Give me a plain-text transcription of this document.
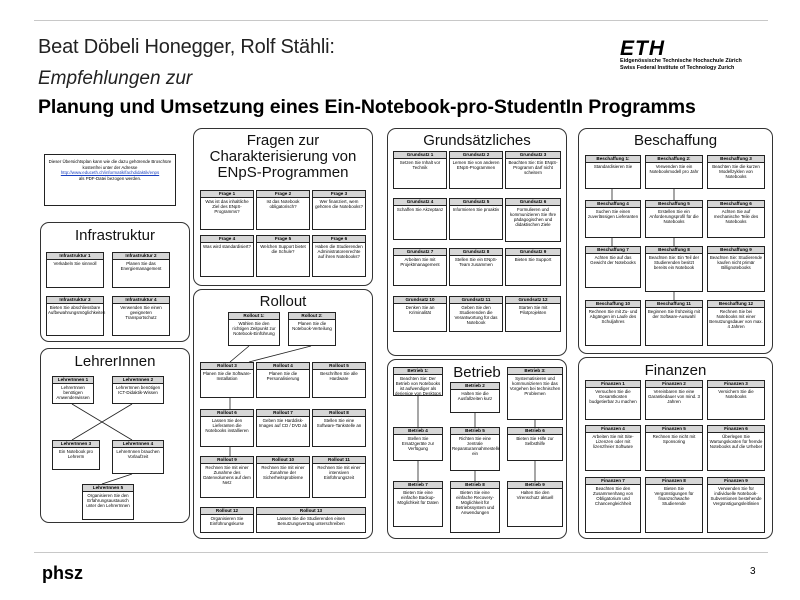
Beat Döbeli Honegger, Rolf Stähli:
Empfehlungen zur
Planung und Umsetzung eines Ein-Notebook-pro-StudentIn Programms
ETH
Eidgenössische Technische Hochschule Zürich
Swiss Federal Institute of Technology Zurich
phsz	3
Dieser Übersichtsplan kann wie die dazu gehörende Broschüre kostenfrei unter der Adresse
http://www.educeth.ch/informatik/fachdidaktik/enps
als PDF-Datei bezogen werden.
Infrastruktur
LehrerInnen
Fragen zur Charakterisierung von ENpS-Programmen
Rollout
Grundsätzliches
Betrieb
Beschaffung
Finanzen
Frage 1
Was ist das inhaltliche Ziel des ENpS-Programms?
Frage 2
Ist das Notebook obligatorisch?
Frage 3
Wer finanziert, wem gehören die Notebooks?
Frage 4
Was wird standardisiert?
Frage 5
Welchen Support bietet die Schule?
Frage 6
Haben die Studierenden Administratorenrechte auf ihren Notebooks?
Infrastruktur 1
Verkabeln Sie sinnvoll
Infrastruktur 2
Planen Sie das Energiemanagement
Infrastruktur 3
Bieten Sie abschliessbare Aufbewahrungsmöglichkeiten
Infrastruktur 4
Verwenden Sie einen geeigneten Transportschutz
LehrerInnen 1
LehrerInnen benötigen Anwenderwissen
LehrerInnen 2
LehrerInnen benötigen ICT-Didaktik-Wissen
LehrerInnen 3
Ein Notebook pro LehrerIn
LehrerInnen 4
LehrerInnen brauchen Vorlaufzeit
LehrerInnen 5
Organisieren Sie den Erfahrungsaustausch unter den LehrerInnen
Rollout 1:
Wählen Sie den richtigen Zeitpunkt zur Notebook-Einführung
Rollout 2:
Planen Sie die Notebook-Verteilung
Rollout 3
Planen Sie die Software-Installation
Rollout 4
Planen Sie die Personalisierung
Rollout 5
Beschriften Sie alle Hardware
Rollout 6
Lassen Sie den Lieferanten die Notebooks installieren
Rollout 7
Geben Sie Harddisk-Images auf CD / DVD ab
Rollout 8
Stellen Sie eine Software-Tankstelle an
Rollout 9
Rechnen Sie mit einer Zunahme des Datenvolumens auf dem Netz
Rollout 10
Rechnen Sie mit einer Zunahme der Sicherheitsprobleme
Rollout 11
Rechnen Sie mit einer intensiven Einführungszeit
Rollout 12
Organisieren Sie Einführungskurse
Rollout 13
Lassen Sie die Studierenden einen Benutzungsvertrag unterschreiben
Grundsatz 1
Setzen Sie Inhalt vor Technik
Grundsatz 2
Lernen Sie von anderen ENpS-Programmen
Grundsatz 3
Beachten Sie: Ein ENpS-Programm darf nicht scheitern
Grundsatz 4
Schaffen Sie Akzeptanz
Grundsatz 5
Informieren Sie proaktiv
Grundsatz 6
Formulieren und kommunizieren Sie Ihre pädagogischen und didaktischen Ziele
Grundsatz 7
Arbeiten Sie mit Projektmanagement
Grundsatz 8
Stellen Sie ein ENpS-Team zusammen
Grundsatz 9
Bieten Sie Support
Grundsatz 10
Denken Sie an Kriminalität
Grundsatz 11
Geben Sie den Studierenden die Verantwortung für das Notebook
Grundsatz 12
Starten Sie mit Pilotprojekten
Betrieb 1:
Beachten Sie: Der Betrieb von Notebooks ist aufwendiger als derjenige von Desktops
Betrieb 2
Halten Sie die Ausfallzeiten kurz
Betrieb 3:
Systematisieren und kommunizieren Sie das Vorgehen bei technischen Problemen
Betrieb 4
Stellen Sie Ersatzgeräte zur Verfügung
Betrieb 5
Richten Sie eine zentrale Reparaturannahmestelle ein
Betrieb 6
Bieten Sie Hilfe zur Selbsthilfe
Betrieb 7
Bieten Sie eine einfache Backup-Möglichkeit für Daten
Betrieb 8
Bieten Sie eine einfache Recovery-Möglichkeit für Betriebssystem und Anwendungen
Betrieb 9
Halten Sie den Virenschutz aktuell
Beschaffung 1:
Standardisieren Sie
Beschaffung 2:
Verwenden Sie ein Notebookmodell pro Jahr
Beschaffung 3
Beachten Sie die kurzen Modellzyklen von Notebooks
Beschaffung 4
Suchen Sie einen zuverlässigen Lieferanten
Beschaffung 5
Erstellen Sie ein Anforderungsprofil für die Notebooks
Beschaffung 6
Achten Sie auf mechanische Teile des Notebooks
Beschaffung 7
Achten Sie auf das Gewicht der Notebooks
Beschaffung 8
Beachten Sie: Ein Teil der Studierenden besitzt bereits ein Notebook
Beschaffung 9
Beachten Sie: Studierende kaufen nicht primär Billignotebooks
Beschaffung 10
Rechnen Sie mit Zu- und Abgängen im Laufe des Schuljahres
Beschaffung 11
Beginnen Sie frühzeitig mit der Software-Auswahl
Beschaffung 12
Rechnen Sie bei Notebooks mit einer Benutzungsdauer von max. 4 Jahren
Finanzen 1
Versuchen Sie die Gesamtkosten budgetierbar zu machen
Finanzen 2
Vereinbaren Sie eine Garantiedauer von mind. 3 Jahren
Finanzen 3
Versichern Sie die Notebooks
Finanzen 4
Arbeiten Sie mit Site-Lizenzen oder mit lizenzfreier Software
Finanzen 5
Rechnen Sie nicht mit Sponsoring
Finanzen 6
Überlegen Sie Wartungskosten für fremde Notebooks auf die Urheber
Finanzen 7
Beachten Sie den Zusammenhang von Obligatorium und Chancengleichheit
Finanzen 8
Bieten Sie Vergünstigungen für finanzschwache Studierende
Finanzen 9
Verwenden Sie für individuelle Notebook-Subventionen bestehende Vergünstigungsleitlinien
